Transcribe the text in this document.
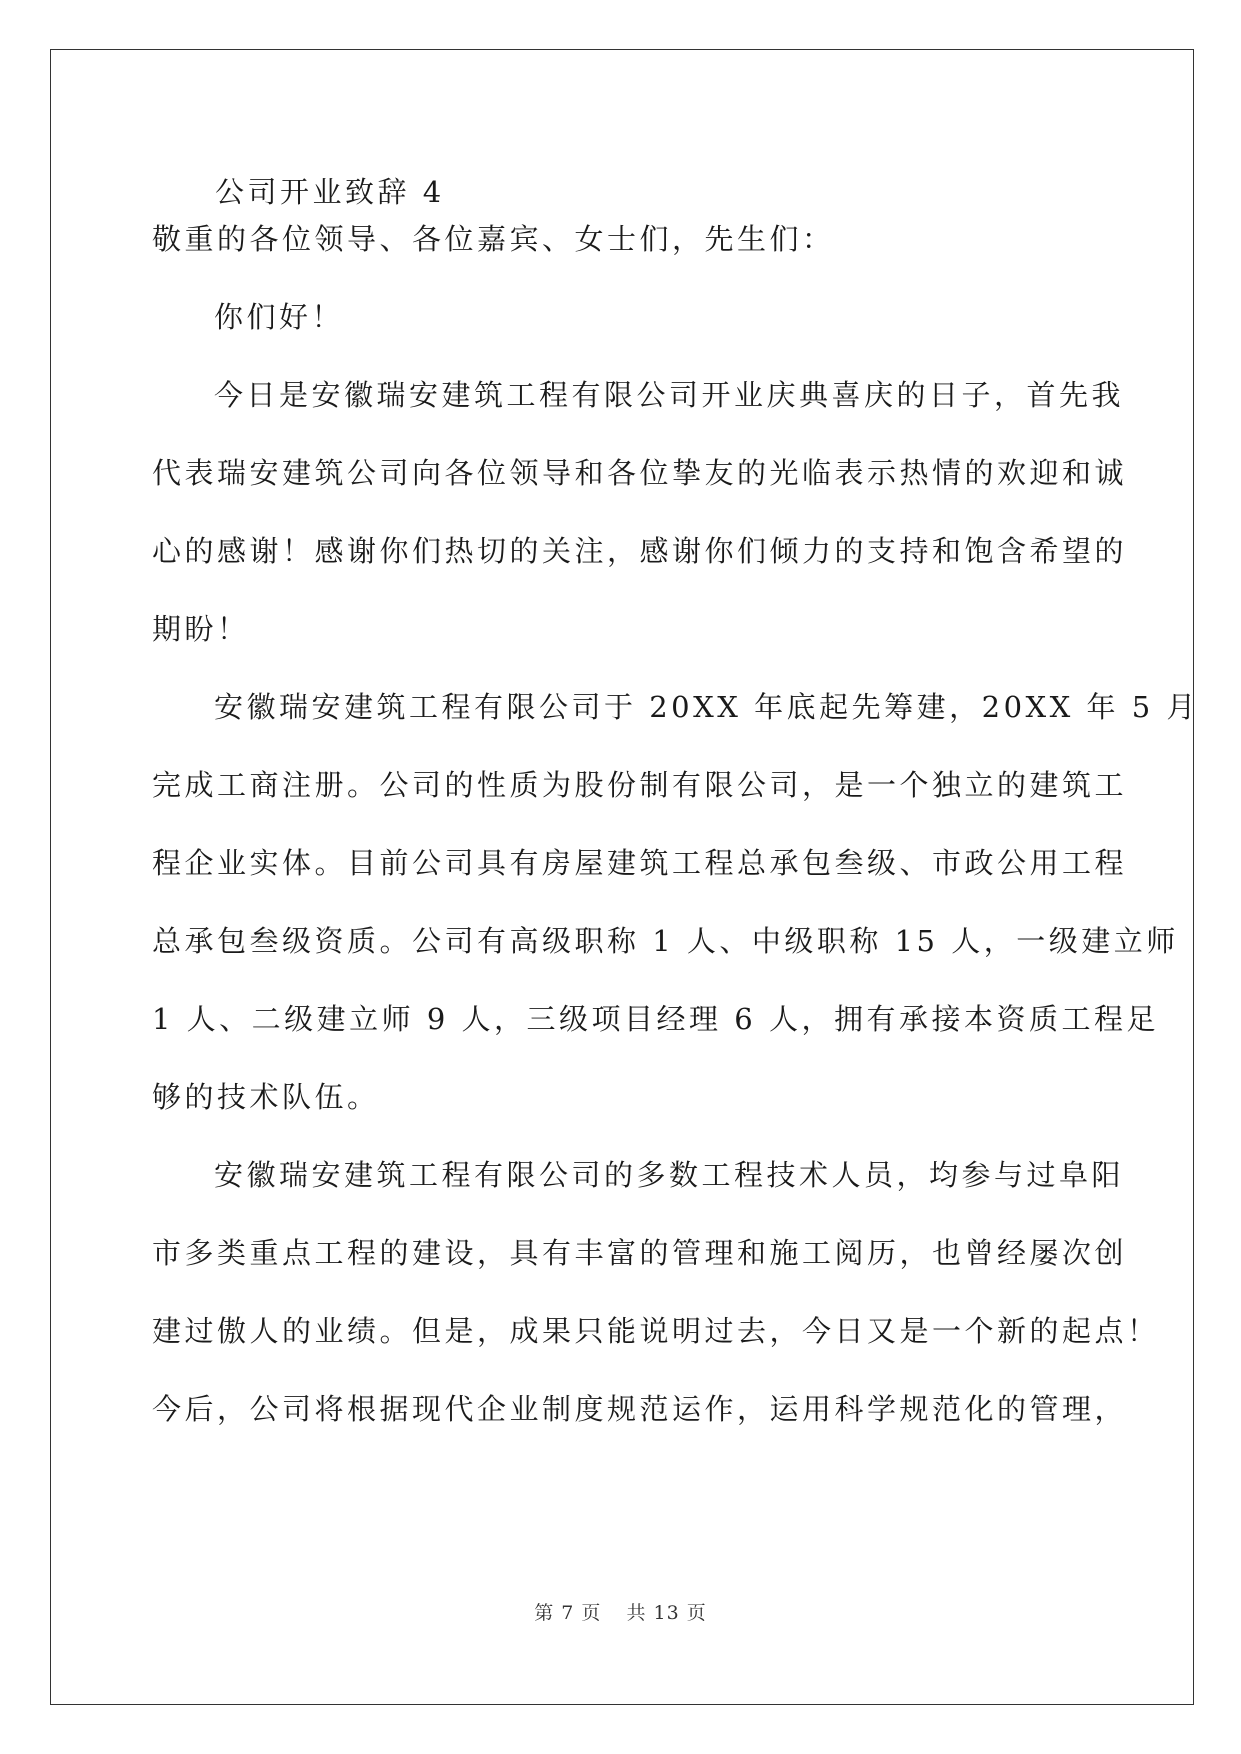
公司开业致辞 4
敬重的各位领导、各位嘉宾、女士们，先生们：
你们好！
今日是安徽瑞安建筑工程有限公司开业庆典喜庆的日子，首先我
代表瑞安建筑公司向各位领导和各位挚友的光临表示热情的欢迎和诚
心的感谢！感谢你们热切的关注，感谢你们倾力的支持和饱含希望的
期盼！
安徽瑞安建筑工程有限公司于 20XX 年底起先筹建，20XX 年 5 月
完成工商注册。公司的性质为股份制有限公司，是一个独立的建筑工
程企业实体。目前公司具有房屋建筑工程总承包叁级、市政公用工程
总承包叁级资质。公司有高级职称 1 人、中级职称 15 人，一级建立师
1 人、二级建立师 9 人，三级项目经理 6 人，拥有承接本资质工程足
够的技术队伍。
安徽瑞安建筑工程有限公司的多数工程技术人员，均参与过阜阳
市多类重点工程的建设，具有丰富的管理和施工阅历，也曾经屡次创
建过傲人的业绩。但是，成果只能说明过去，今日又是一个新的起点！
今后，公司将根据现代企业制度规范运作，运用科学规范化的管理，
第 7 页 共 13 页
